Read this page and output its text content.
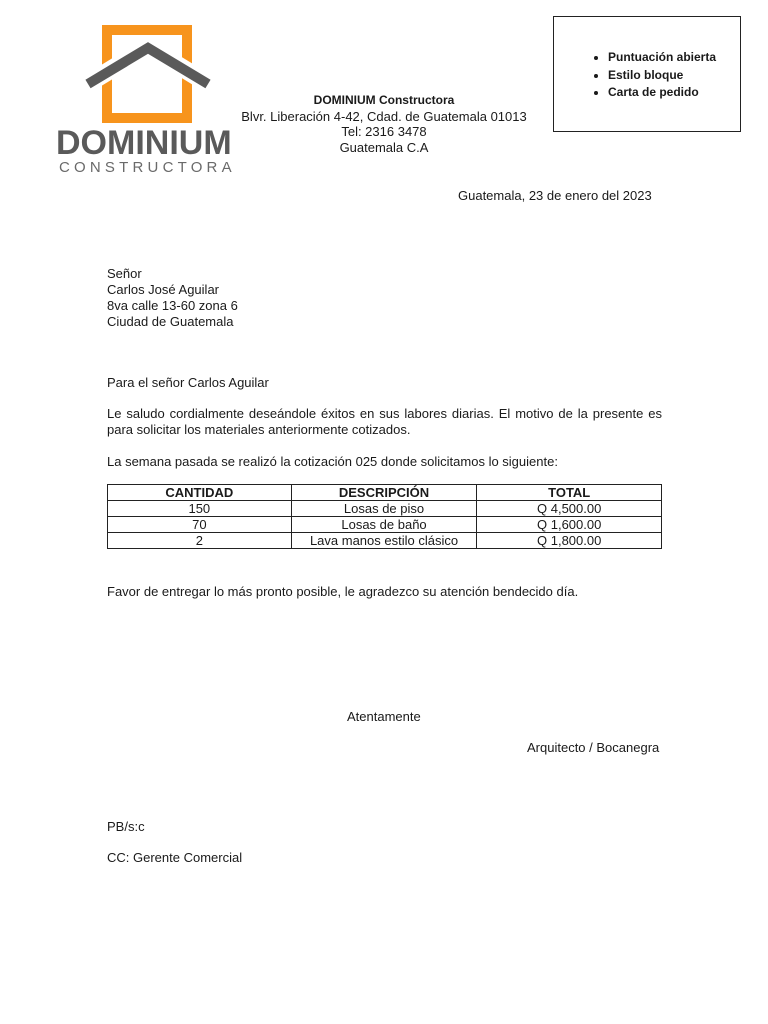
DOMINIUM
CONSTRUCTORA
DOMINIUM Constructora
Blvr. Liberación 4-42, Cdad. de Guatemala 01013
Tel: 2316 3478
Guatemala C.A
• Puntuación abierta
• Estilo bloque
• Carta de pedido
Guatemala, 23 de enero del 2023
Señor
Carlos José Aguilar
8va calle 13-60 zona 6
Ciudad de Guatemala
Para el señor Carlos Aguilar
Le saludo cordialmente deseándole éxitos en sus labores diarias. El motivo de la presente es para solicitar los materiales anteriormente cotizados.
La semana pasada se realizó la cotización 025 donde solicitamos lo siguiente:
CANTIDAD	DESCRIPCIÓN	TOTAL
150	Losas de piso	Q 4,500.00
70	Losas de baño	Q 1,600.00
2	Lava manos estilo clásico	Q 1,800.00
Favor de entregar lo más pronto posible, le agradezco su atención bendecido día.
Atentamente
Arquitecto / Bocanegra
PB/s:c
CC: Gerente Comercial
